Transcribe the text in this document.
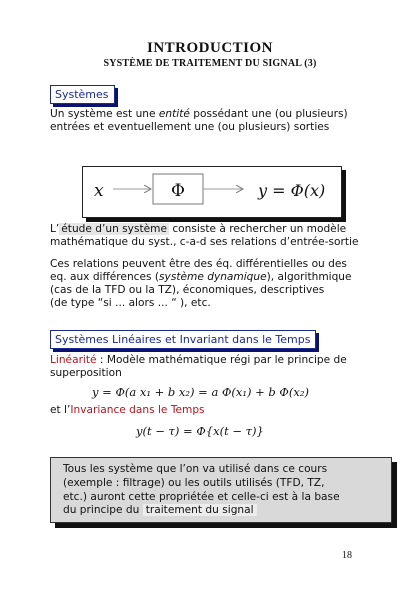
INTRODUCTION
SYSTÈME DE TRAITEMENT DU SIGNAL (3)
Systèmes
Un système est une entité possédant une (ou plusieurs)
entrées et eventuellement une (ou plusieurs) sorties
x	Φ	y = Φ(x)
L’ étude d’un système consiste à rechercher un modèle
mathématique du syst., c-a-d ses relations d’entrée-sortie
Ces relations peuvent être des éq. différentielles ou des
eq. aux différences (système dynamique), algorithmique
(cas de la TFD ou la TZ), économiques, descriptives
(de type “si ... alors ... “ ), etc.
Systèmes Linéaires et Invariant dans le Temps
Linéarité : Modèle mathématique régi par le principe de
superposition
y = Φ(a x₁ + b x₂) = a Φ(x₁) + b Φ(x₂)
et l’Invariance dans le Temps
y(t − τ) = Φ{x(t − τ)}
Tous les système que l’on va utilisé dans ce cours
(exemple : filtrage) ou les outils utilisés (TFD, TZ,
etc.) auront cette propriétée et celle-ci est à la base
du principe du traitement du signal
18
